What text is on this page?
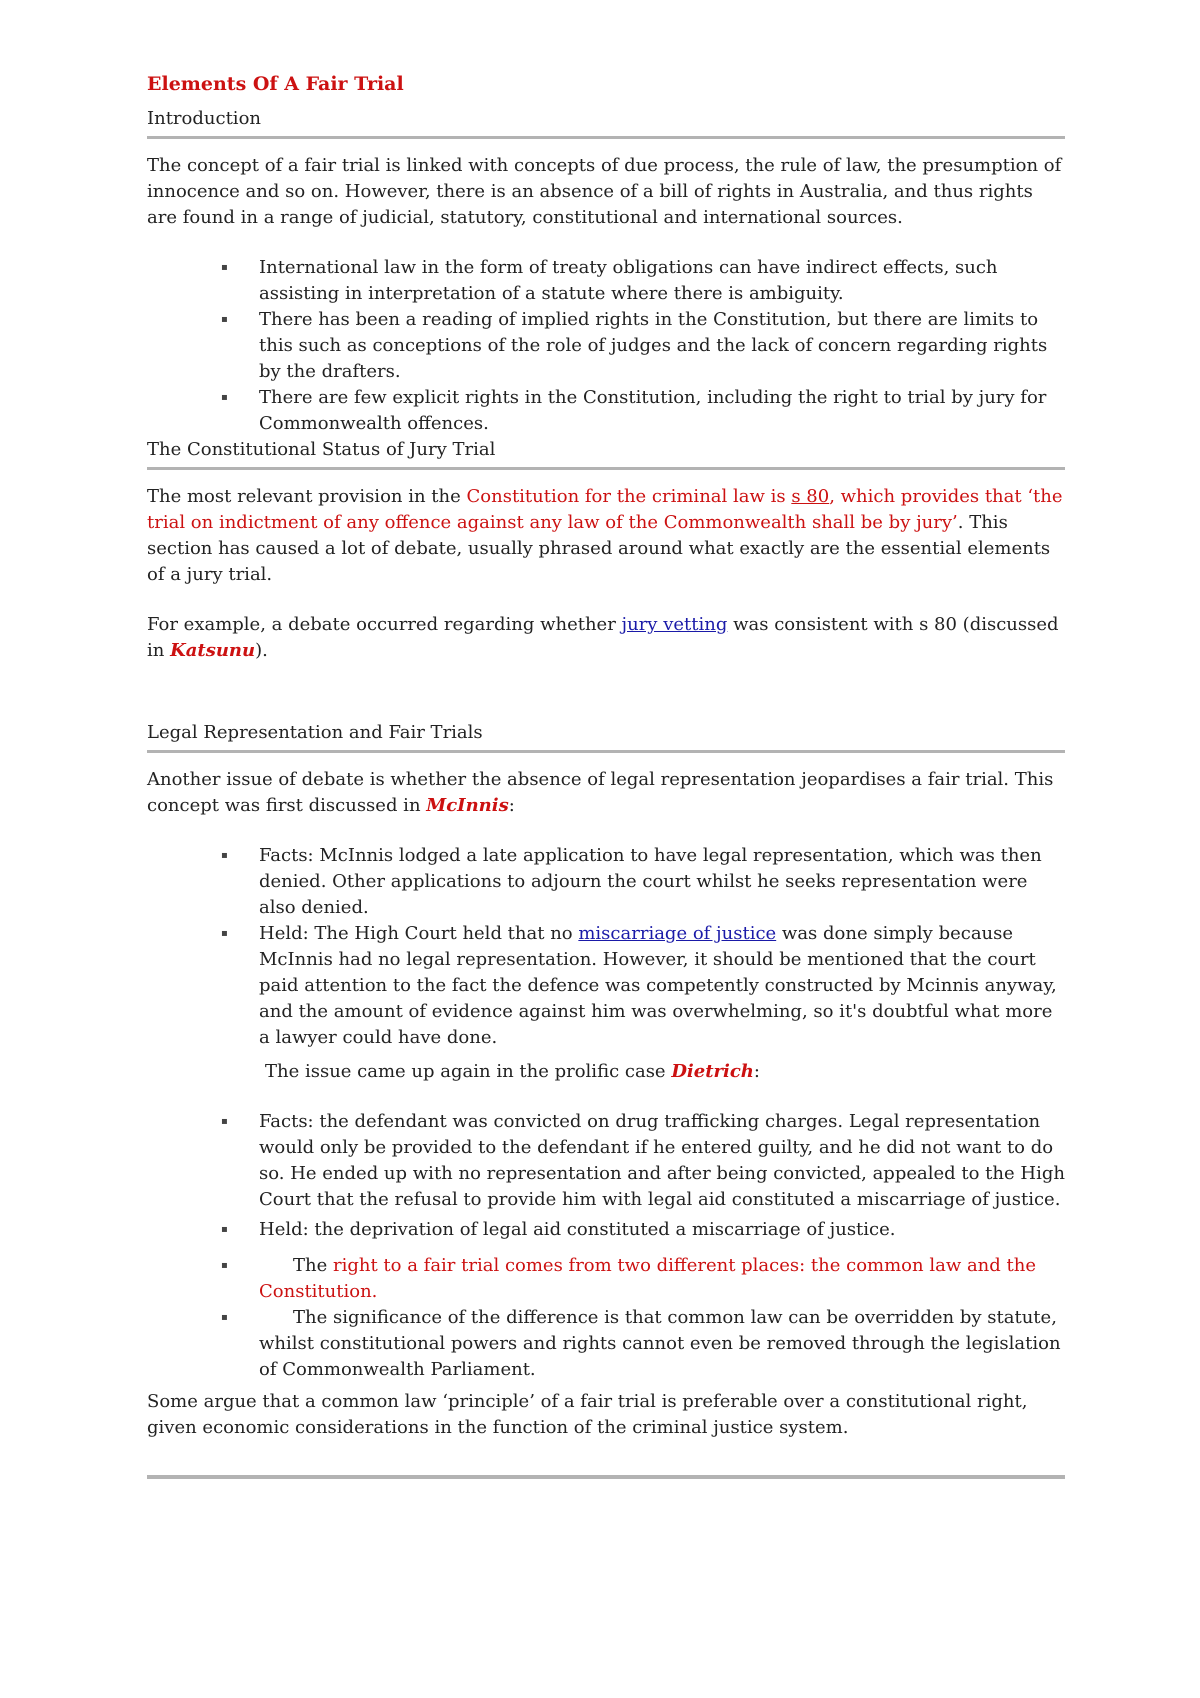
Elements Of A Fair Trial
Introduction

The concept of a fair trial is linked with concepts of due process, the rule of law, the presumption of innocence and so on. However, there is an absence of a bill of rights in Australia, and thus rights are found in a range of judicial, statutory, constitutional and international sources.

▪ International law in the form of treaty obligations can have indirect effects, such assisting in interpretation of a statute where there is ambiguity.
▪ There has been a reading of implied rights in the Constitution, but there are limits to this such as conceptions of the role of judges and the lack of concern regarding rights by the drafters.
▪ There are few explicit rights in the Constitution, including the right to trial by jury for Commonwealth offences.
The Constitutional Status of Jury Trial

The most relevant provision in the Constitution for the criminal law is s 80, which provides that ‘the trial on indictment of any offence against any law of the Commonwealth shall be by jury’. This section has caused a lot of debate, usually phrased around what exactly are the essential elements of a jury trial.

For example, a debate occurred regarding whether jury vetting was consistent with s 80 (discussed in Katsunu).

Legal Representation and Fair Trials

Another issue of debate is whether the absence of legal representation jeopardises a fair trial. This concept was first discussed in McInnis:

▪ Facts: McInnis lodged a late application to have legal representation, which was then denied. Other applications to adjourn the court whilst he seeks representation were also denied.
▪ Held: The High Court held that no miscarriage of justice was done simply because McInnis had no legal representation. However, it should be mentioned that the court paid attention to the fact the defence was competently constructed by Mcinnis anyway, and the amount of evidence against him was overwhelming, so it's doubtful what more a lawyer could have done.

The issue came up again in the prolific case Dietrich:

▪ Facts: the defendant was convicted on drug trafficking charges. Legal representation would only be provided to the defendant if he entered guilty, and he did not want to do so. He ended up with no representation and after being convicted, appealed to the High Court that the refusal to provide him with legal aid constituted a miscarriage of justice.
▪ Held: the deprivation of legal aid constituted a miscarriage of justice.
▪	The right to a fair trial comes from two different places: the common law and the Constitution.
▪	The significance of the difference is that common law can be overridden by statute, whilst constitutional powers and rights cannot even be removed through the legislation of Commonwealth Parliament.

Some argue that a common law ‘principle’ of a fair trial is preferable over a constitutional right, given economic considerations in the function of the criminal justice system.
